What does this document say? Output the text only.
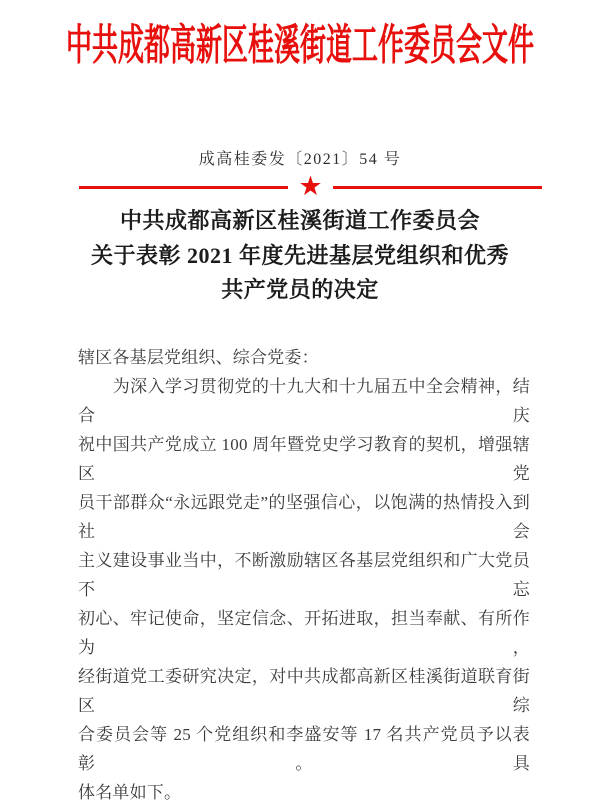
中共成都高新区桂溪街道工作委员会文件
成高桂委发〔2021〕54 号
★
中共成都高新区桂溪街道工作委员会
关于表彰 2021 年度先进基层党组织和优秀
共产党员的决定
辖区各基层党组织、综合党委：
　　为深入学习贯彻党的十九大和十九届五中全会精神，结合庆
祝中国共产党成立 100 周年暨党史学习教育的契机，增强辖区党
员干部群众“永远跟党走”的坚强信心，以饱满的热情投入到社会
主义建设事业当中，不断激励辖区各基层党组织和广大党员不忘
初心、牢记使命，坚定信念、开拓进取，担当奉献、有所作为，
经街道党工委研究决定，对中共成都高新区桂溪街道联育街区综
合委员会等 25 个党组织和李盛安等 17 名共产党员予以表彰。具
体名单如下。
